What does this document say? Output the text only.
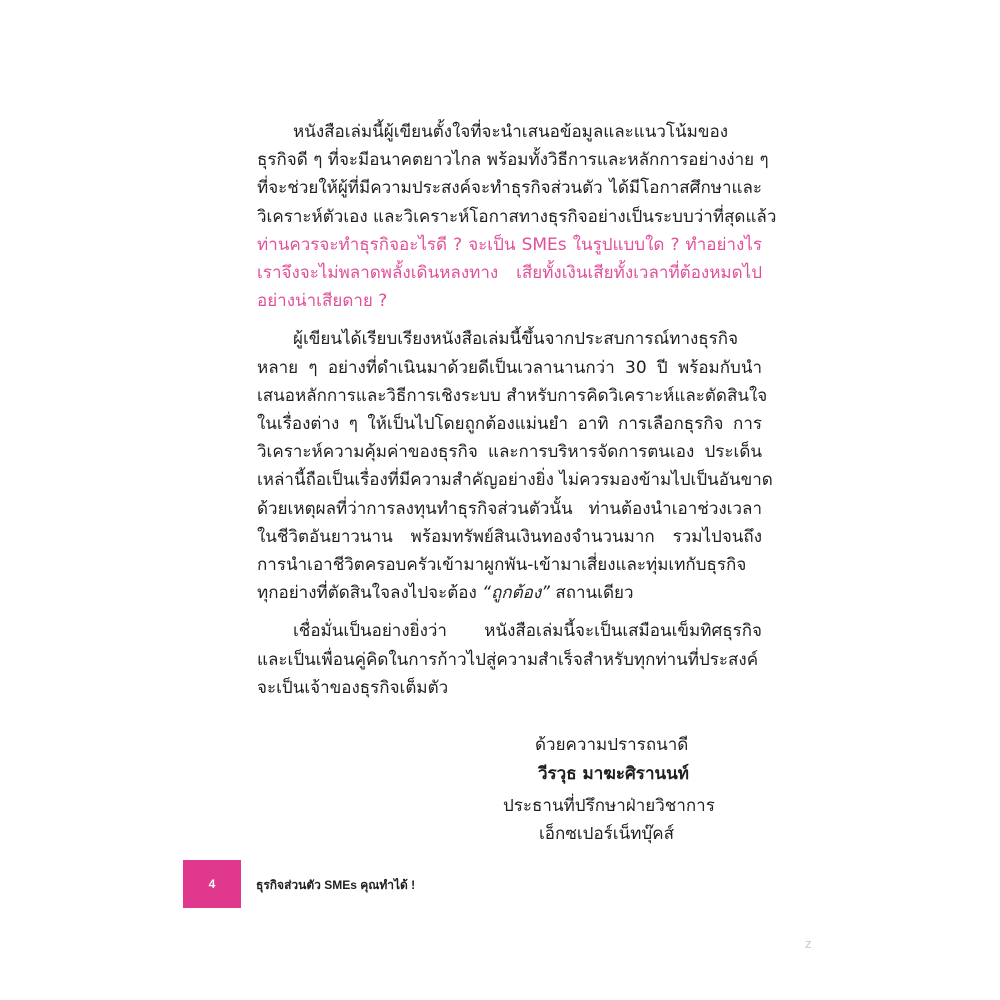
หนังสือเล่มนี้ผู้เขียนตั้งใจที่จะนำเสนอข้อมูลและแนวโน้มของ
ธุรกิจดี ๆ ที่จะมีอนาคตยาวไกล พร้อมทั้งวิธีการและหลักการอย่างง่าย ๆ
ที่จะช่วยให้ผู้ที่มีความประสงค์จะทำธุรกิจส่วนตัว ได้มีโอกาสศึกษาและ
วิเคราะห์ตัวเอง และวิเคราะห์โอกาสทางธุรกิจอย่างเป็นระบบว่าที่สุดแล้ว
ท่านควรจะทำธุรกิจอะไรดี ? จะเป็น SMEs ในรูปแบบใด ? ทำอย่างไร
เราจึงจะไม่พลาดพลั้งเดินหลงทาง เสียทั้งเงินเสียทั้งเวลาที่ต้องหมดไป
อย่างน่าเสียดาย ?
ผู้เขียนได้เรียบเรียงหนังสือเล่มนี้ขึ้นจากประสบการณ์ทางธุรกิจ
หลาย ๆ อย่างที่ดำเนินมาด้วยดีเป็นเวลานานกว่า 30 ปี พร้อมกับนำ
เสนอหลักการและวิธีการเชิงระบบ สำหรับการคิดวิเคราะห์และตัดสินใจ
ในเรื่องต่าง ๆ ให้เป็นไปโดยถูกต้องแม่นยำ อาทิ การเลือกธุรกิจ การ
วิเคราะห์ความคุ้มค่าของธุรกิจ และการบริหารจัดการตนเอง ประเด็น
เหล่านี้ถือเป็นเรื่องที่มีความสำคัญอย่างยิ่ง ไม่ควรมองข้ามไปเป็นอันขาด
ด้วยเหตุผลที่ว่าการลงทุนทำธุรกิจส่วนตัวนั้น ท่านต้องนำเอาช่วงเวลา
ในชีวิตอันยาวนาน พร้อมทรัพย์สินเงินทองจำนวนมาก รวมไปจนถึง
การนำเอาชีวิตครอบครัวเข้ามาผูกพัน-เข้ามาเสี่ยงและทุ่มเทกับธุรกิจ
ทุกอย่างที่ตัดสินใจลงไปจะต้อง “ถูกต้อง” สถานเดียว
เชื่อมั่นเป็นอย่างยิ่งว่า หนังสือเล่มนี้จะเป็นเสมือนเข็มทิศธุรกิจ
และเป็นเพื่อนคู่คิดในการก้าวไปสู่ความสำเร็จสำหรับทุกท่านที่ประสงค์
จะเป็นเจ้าของธุรกิจเต็มตัว
ด้วยความปรารถนาดี
วีรวุธ มาฆะศิรานนท์
ประธานที่ปรึกษาฝ่ายวิชาการ
เอ็กซเปอร์เน็ทบุ๊คส์
4	ธุรกิจส่วนตัว SMEs คุณทำได้ !
z
